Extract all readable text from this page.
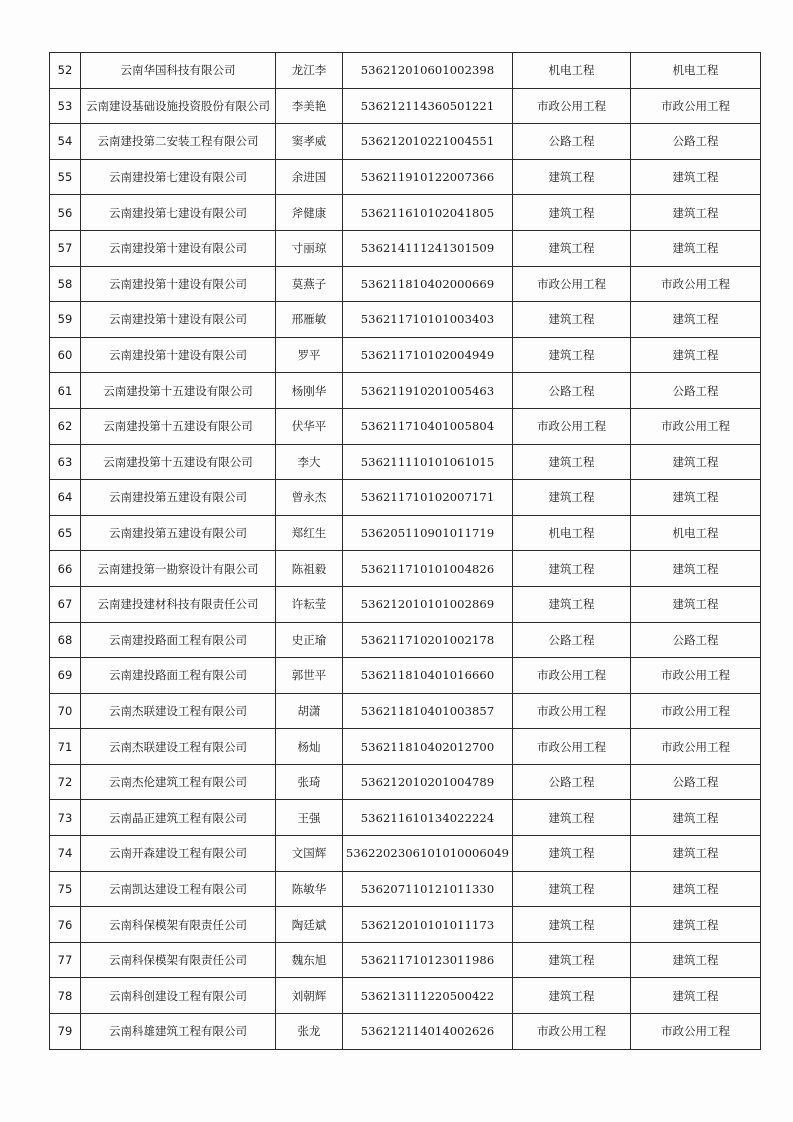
52	云南华国科技有限公司	龙江李	536212010601002398	机电工程	机电工程
53	云南建设基础设施投资股份有限公司	李美艳	536212114360501221	市政公用工程	市政公用工程
54	云南建投第二安装工程有限公司	窦孝威	536212010221004551	公路工程	公路工程
55	云南建投第七建设有限公司	余进国	536211910122007366	建筑工程	建筑工程
56	云南建投第七建设有限公司	斧健康	536211610102041805	建筑工程	建筑工程
57	云南建投第十建设有限公司	寸丽琼	536214111241301509	建筑工程	建筑工程
58	云南建投第十建设有限公司	莫燕子	536211810402000669	市政公用工程	市政公用工程
59	云南建投第十建设有限公司	邢雁敏	536211710101003403	建筑工程	建筑工程
60	云南建投第十建设有限公司	罗平	536211710102004949	建筑工程	建筑工程
61	云南建投第十五建设有限公司	杨刚华	536211910201005463	公路工程	公路工程
62	云南建投第十五建设有限公司	伏华平	536211710401005804	市政公用工程	市政公用工程
63	云南建投第十五建设有限公司	李大	536211110101061015	建筑工程	建筑工程
64	云南建投第五建设有限公司	曾永杰	536211710102007171	建筑工程	建筑工程
65	云南建投第五建设有限公司	郑红生	536205110901011719	机电工程	机电工程
66	云南建投第一勘察设计有限公司	陈祖毅	536211710101004826	建筑工程	建筑工程
67	云南建投建材科技有限责任公司	许耘莹	536212010101002869	建筑工程	建筑工程
68	云南建投路面工程有限公司	史正瑜	536211710201002178	公路工程	公路工程
69	云南建投路面工程有限公司	郭世平	536211810401016660	市政公用工程	市政公用工程
70	云南杰联建设工程有限公司	胡潇	536211810401003857	市政公用工程	市政公用工程
71	云南杰联建设工程有限公司	杨灿	536211810402012700	市政公用工程	市政公用工程
72	云南杰伦建筑工程有限公司	张琦	536212010201004789	公路工程	公路工程
73	云南晶正建筑工程有限公司	王强	536211610134022224	建筑工程	建筑工程
74	云南开森建设工程有限公司	文国辉	5362202306101010006049	建筑工程	建筑工程
75	云南凯达建设工程有限公司	陈敏华	536207110121011330	建筑工程	建筑工程
76	云南科保模架有限责任公司	陶廷斌	536212010101011173	建筑工程	建筑工程
77	云南科保模架有限责任公司	魏东旭	536211710123011986	建筑工程	建筑工程
78	云南科创建设工程有限公司	刘朝辉	536213111220500422	建筑工程	建筑工程
79	云南科雄建筑工程有限公司	张龙	536212114014002626	市政公用工程	市政公用工程
